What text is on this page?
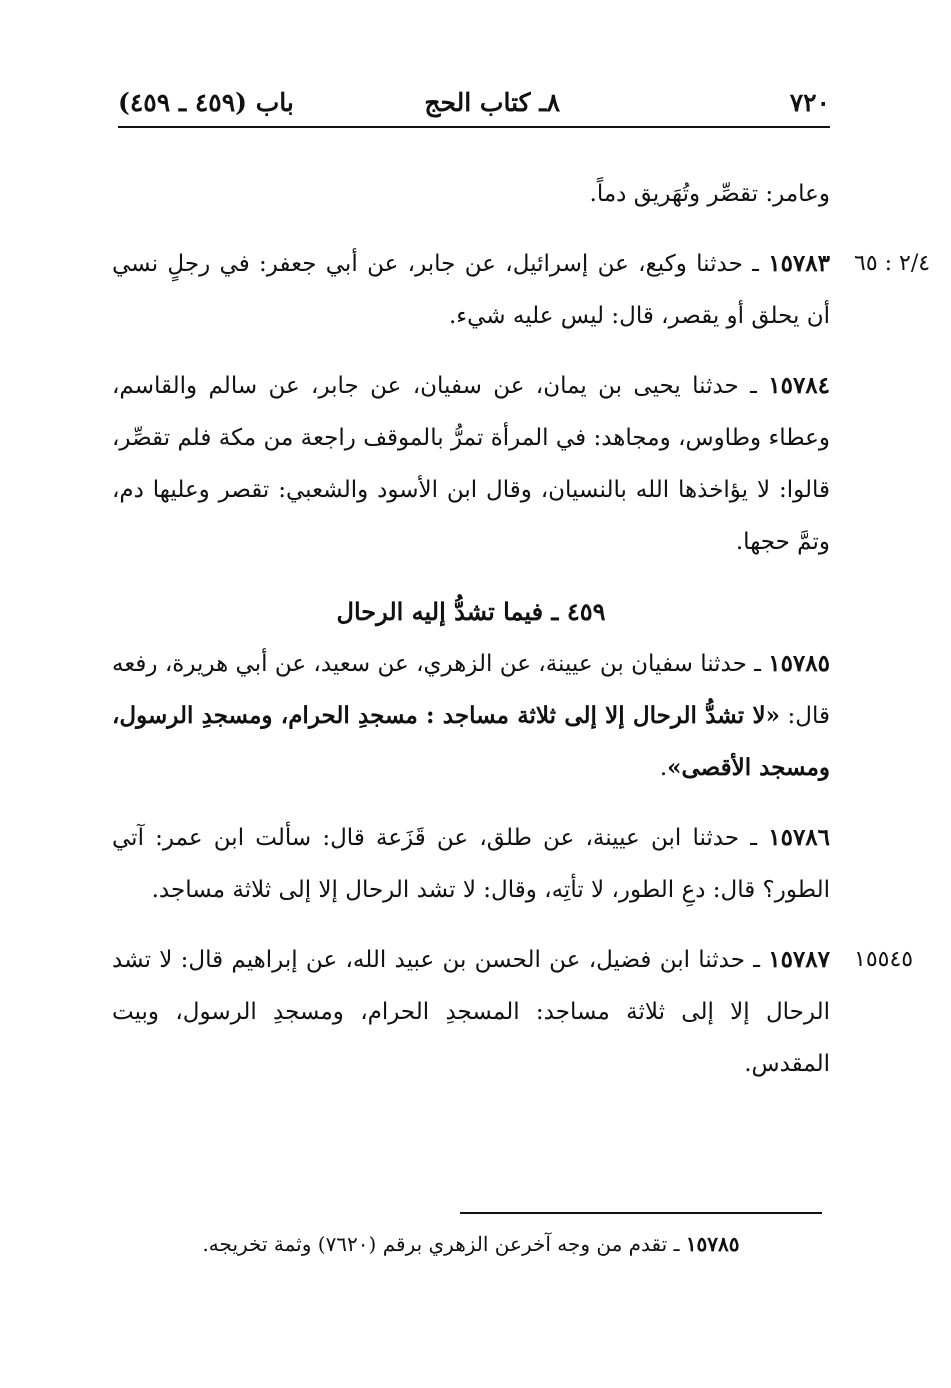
٧٢٠
٨ـ كتاب الحج
باب (٤٥٩ ـ ٤٥٩)

وعامر: تقصِّر وتُهَريق دماً.

٢/٤ : ٦٥
١٥٧٨٣ ـ حدثنا وكيع، عن إسرائيل، عن جابر، عن أبي جعفر: في رجلٍ نسي أن يحلق أو يقصر، قال: ليس عليه شيء.

١٥٧٨٤ ـ حدثنا يحيى بن يمان، عن سفيان، عن جابر، عن سالم والقاسم، وعطاء وطاوس، ومجاهد: في المرأة تمرُّ بالموقف راجعة من مكة فلم تقصِّر، قالوا: لا يؤاخذها الله بالنسيان، وقال ابن الأسود والشعبي: تقصر وعليها دم، وتمَّ حجها.

٤٥٩ ـ فيما تشدُّ إليه الرحال

١٥٧٨٥ ـ حدثنا سفيان بن عيينة، عن الزهري، عن سعيد، عن أبي هريرة، رفعه قال: «لا تشدُّ الرحال إلا إلى ثلاثة مساجد : مسجدِ الحرام، ومسجدِ الرسول، ومسجد الأقصى».

١٥٧٨٦ ـ حدثنا ابن عيينة، عن طلق، عن قَزَعة قال: سألت ابن عمر: آتي الطور؟ قال: دعِ الطور، لا تأتِه، وقال: لا تشد الرحال إلا إلى ثلاثة مساجد.

١٥٥٤٥
١٥٧٨٧ ـ حدثنا ابن فضيل، عن الحسن بن عبيد الله، عن إبراهيم قال: لا تشد الرحال إلا إلى ثلاثة مساجد: المسجدِ الحرام، ومسجدِ الرسول، وبيت المقدس.

١٥٧٨٥ ـ تقدم من وجه آخرعن الزهري برقم (٧٦٢٠) وثمة تخريجه.
